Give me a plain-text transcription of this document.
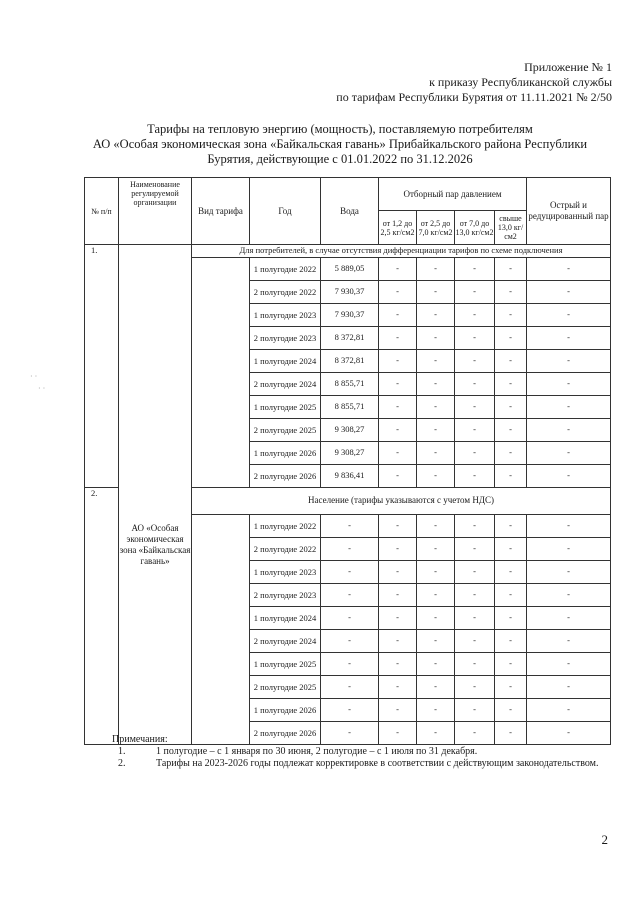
Приложение № 1
к приказу Республиканской службы
по тарифам Республики Бурятия от 11.11.2021 № 2/50
Тарифы на тепловую энергию (мощность), поставляемую потребителям
АО «Особая экономическая зона «Байкальская гавань» Прибайкальского района Республики
Бурятия, действующие с 01.01.2022 по 31.12.2026
№ п/п	Наименование регулируемой организации	Вид тарифа	Год	Вода	Отборный пар давлением				Острый и редуцированный пар
					от 1,2 до 2,5 кг/см2	от 2,5 до 7,0 кг/см2	от 7,0 до 13,0 кг/см2	свыше 13,0 кг/см2	
1.	АО «Особая экономическая зона «Байкальская гавань»	Для потребителей, в случае отсутствия дифференциации тарифов по схеме подключения							
			1 полугодие 2022	5 889,05	-	-	-	-	-
			2 полугодие 2022	7 930,37	-	-	-	-	-
			1 полугодие 2023	7 930,37	-	-	-	-	-
			2 полугодие 2023	8 372,81	-	-	-	-	-
			1 полугодие 2024	8 372,81	-	-	-	-	-
			2 полугодие 2024	8 855,71	-	-	-	-	-
			1 полугодие 2025	8 855,71	-	-	-	-	-
			2 полугодие 2025	9 308,27	-	-	-	-	-
			1 полугодие 2026	9 308,27	-	-	-	-	-
			2 полугодие 2026	9 836,41	-	-	-	-	-
2.		Население (тарифы указываются с учетом НДС)							
			1 полугодие 2022	-	-	-	-	-	-
			2 полугодие 2022	-	-	-	-	-	-
			1 полугодие 2023	-	-	-	-	-	-
			2 полугодие 2023	-	-	-	-	-	-
			1 полугодие 2024	-	-	-	-	-	-
			2 полугодие 2024	-	-	-	-	-	-
			1 полугодие 2025	-	-	-	-	-	-
			2 полугодие 2025	-	-	-	-	-	-
			1 полугодие 2026	-	-	-	-	-	-
			2 полугодие 2026	-	-	-	-	-	-
Примечания:
1.	1 полугодие – с 1 января по 30 июня, 2 полугодие – с 1 июля по 31 декабря.
2.	Тарифы на 2023-2026 годы подлежат корректировке в соответствии с действующим законодательством.
2
· ·
· ·
